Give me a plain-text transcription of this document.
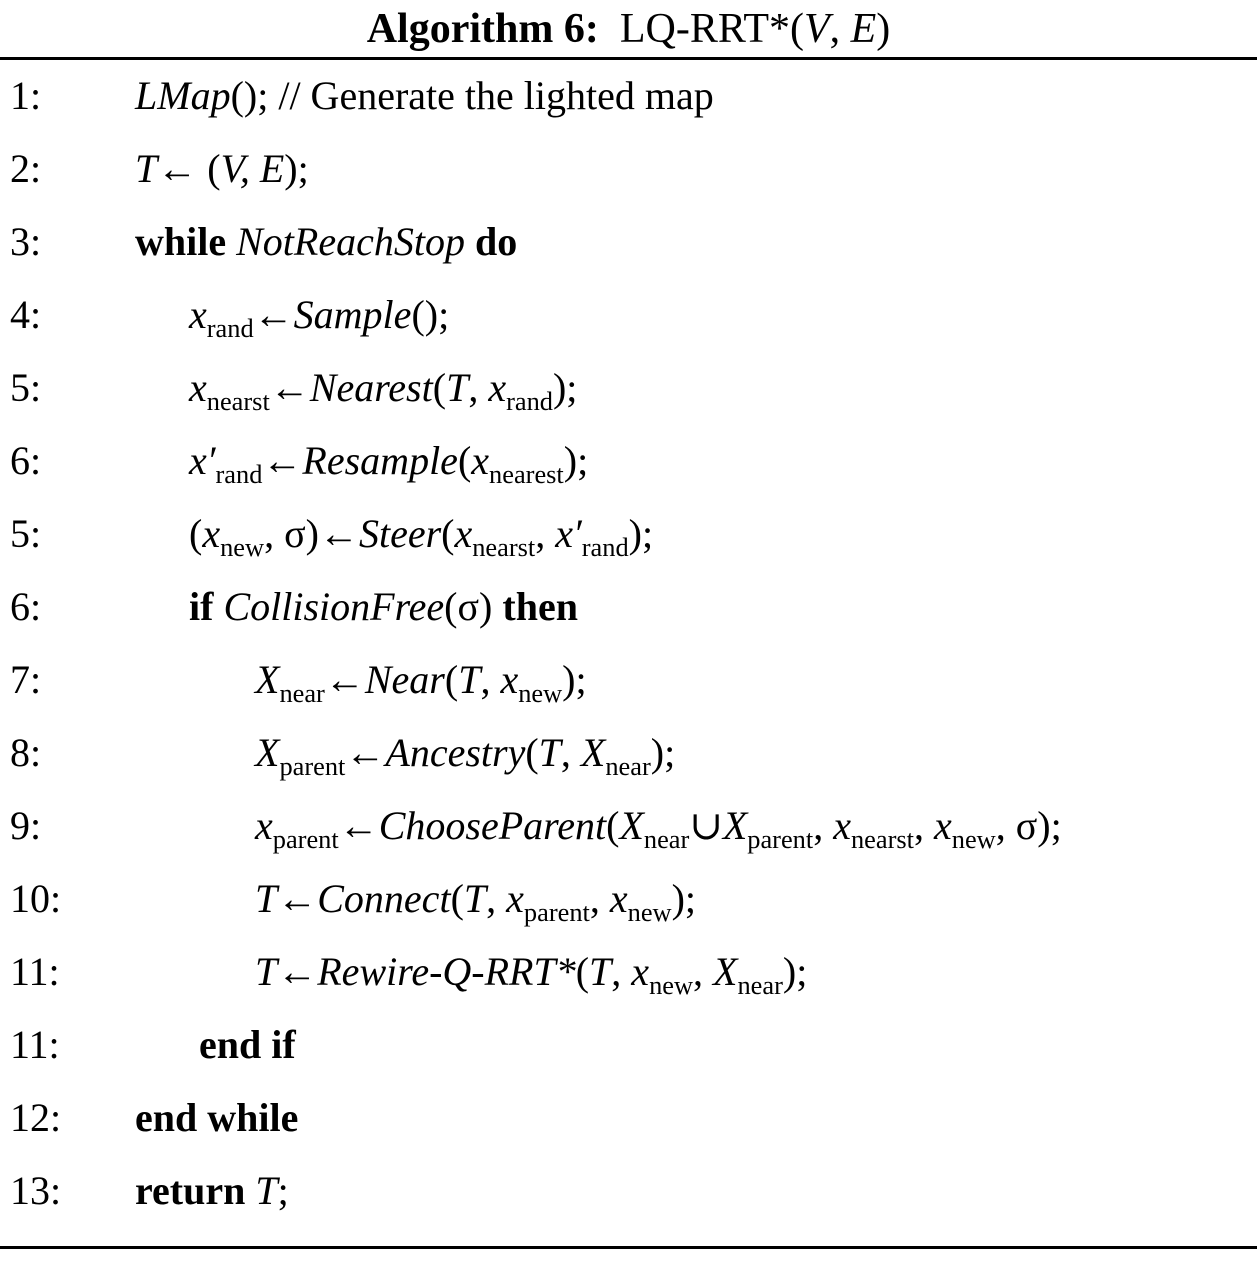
Algorithm 6: LQ-RRT*( V , E )
1:	LMap(); // Generate the lighted map
2:	T← (V, E);
3:	while NotReachStop do
4:	$x_{rand}\leftarrow Sample()$;
5:	$x_{nearst}\leftarrow Nearest(T$, $x_{rand}$);
6:	$x'_{rand}\leftarrow Resample(x_{nearest})$;
5:	($x_{new}$, $\sigma)\leftarrow Steer(x_{nearst}$, $x'_{rand}$);
6:	if CollisionFree(σ) then
7:	$X_{near}\leftarrow Near(T$, $x_{new}$);
8:	$X_{parent}\leftarrow Ancestry(T$, $X_{near}$);
9:	$x_{parent}\leftarrow ChooseParent(X_{near}\cup X_{parent}$, $x_{nearst}$, $x_{new}$, σ);
10:	T←Connect(T, $x_{parent}$, $x_{new}$);
11:	T←Rewire-Q-RRT*(T, $x_{new}$, $X_{near}$);
11:	end if
12:	end while
13:	return T;
